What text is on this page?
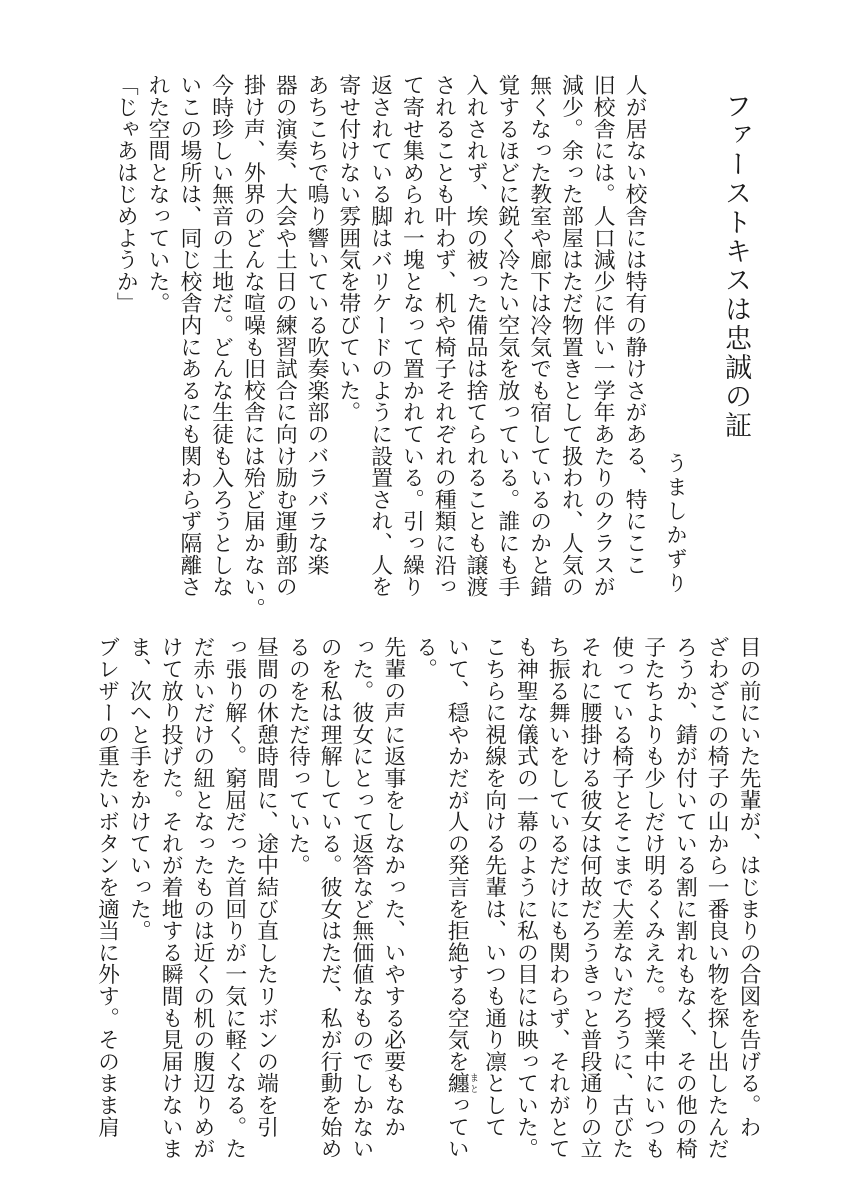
ファーストキスは忠誠の証
うましかずり
人が居ない校舎には特有の静けさがある、特にここ
旧校舎には。人口減少に伴い一学年あたりのクラスが
減少。余った部屋はただ物置きとして扱われ、人気の
無くなった教室や廊下は冷気でも宿しているのかと錯
覚するほどに鋭く冷たい空気を放っている。誰にも手
入れされず、埃の被った備品は捨てられることも譲渡
されることも叶わず、机や椅子それぞれの種類に沿っ
て寄せ集められ一塊となって置かれている。引っ繰り
返されている脚はバリケードのように設置され、人を
寄せ付けない雰囲気を帯びていた。
あちこちで鳴り響いている吹奏楽部のバラバラな楽
器の演奏、大会や土日の練習試合に向け励む運動部の
掛け声、外界のどんな喧噪も旧校舎には殆ど届かない。
今時珍しい無音の土地だ。どんな生徒も入ろうとしな
いこの場所は、同じ校舎内にあるにも関わらず隔離さ
れた空間となっていた。
「じゃあはじめようか」
目の前にいた先輩が、はじまりの合図を告げる。わ
ざわざこの椅子の山から一番良い物を探し出したんだ
ろうか、錆が付いている割に割れもなく、その他の椅
子たちよりも少しだけ明るくみえた。授業中にいつも
使っている椅子とそこまで大差ないだろうに、古びた
それに腰掛ける彼女は何故だろうきっと普段通りの立
ち振る舞いをしているだけにも関わらず、それがとて
も神聖な儀式の一幕のように私の目には映っていた。
こちらに視線を向ける先輩は、いつも通り凛として
いて、穏やかだが人の発言を拒絶する空気を纏まとってい
る。
先輩の声に返事をしなかった、いやする必要もなか
った。彼女にとって返答など無価値なものでしかない
のを私は理解している。彼女はただ、私が行動を始め
るのをただ待っていた。
昼間の休憩時間に、途中結び直したリボンの端を引
っ張り解く。窮屈だった首回りが一気に軽くなる。た
だ赤いだけの紐となったものは近くの机の腹辺りめが
けて放り投げた。それが着地する瞬間も見届けないま
ま、次へと手をかけていった。
ブレザーの重たいボタンを適当に外す。そのまま肩
